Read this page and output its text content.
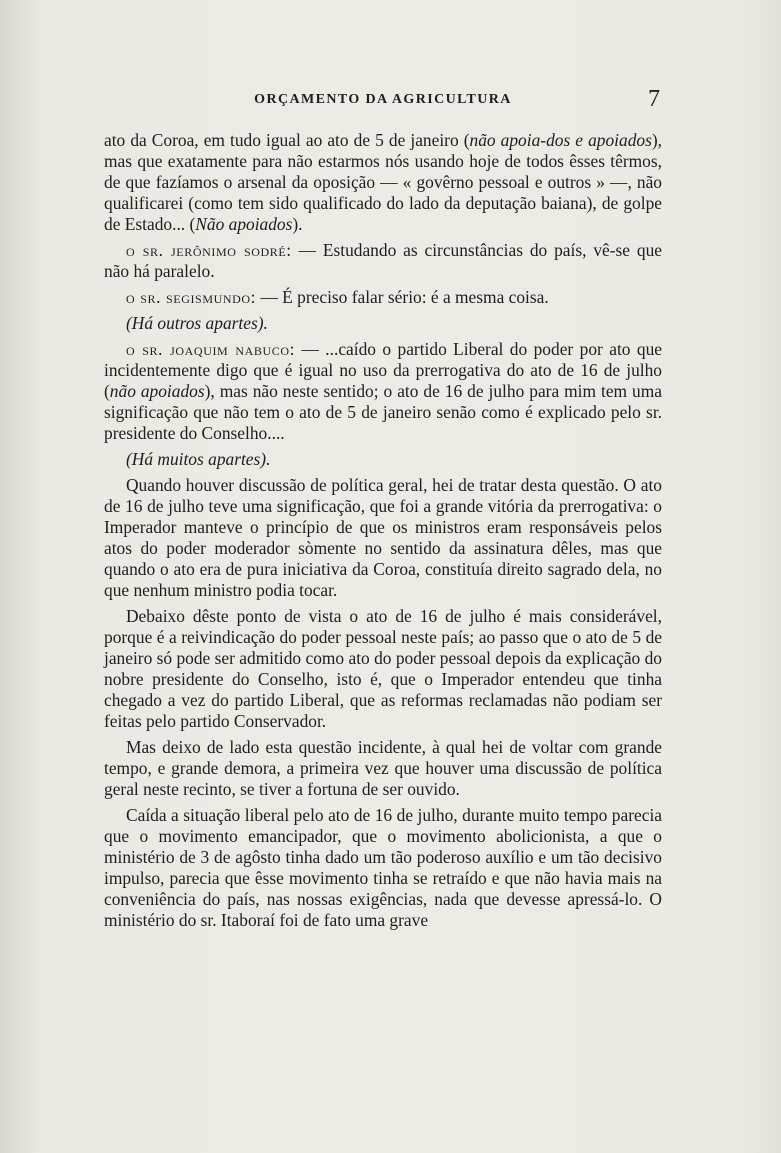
ORÇAMENTO DA AGRICULTURA	7

ato da Coroa, em tudo igual ao ato de 5 de janeiro (não apoia-dos e apoiados), mas que exatamente para não estarmos nós usando hoje de todos êsses têrmos, de que fazíamos o arsenal da oposição — « govêrno pessoal e outros » —, não qualificarei (como tem sido qualificado do lado da deputação baiana), de golpe de Estado... (Não apoiados).

o sr. jerônimo sodré: — Estudando as circunstâncias do país, vê-se que não há paralelo.

o sr. segismundo: — É preciso falar sério: é a mesma coisa.

(Há outros apartes).

o sr. joaquim nabuco: — ...caído o partido Liberal do poder por ato que incidentemente digo que é igual no uso da prerrogativa do ato de 16 de julho (não apoiados), mas não neste sentido; o ato de 16 de julho para mim tem uma significação que não tem o ato de 5 de janeiro senão como é explicado pelo sr. presidente do Conselho....

(Há muitos apartes).

Quando houver discussão de política geral, hei de tratar desta questão. O ato de 16 de julho teve uma significação, que foi a grande vitória da prerrogativa: o Imperador manteve o princípio de que os ministros eram responsáveis pelos atos do poder moderador sòmente no sentido da assinatura dêles, mas que quando o ato era de pura iniciativa da Coroa, constituía direito sagrado dela, no que nenhum ministro podia tocar.

Debaixo dêste ponto de vista o ato de 16 de julho é mais considerável, porque é a reivindicação do poder pessoal neste país; ao passo que o ato de 5 de janeiro só pode ser admitido como ato do poder pessoal depois da explicação do nobre presidente do Conselho, isto é, que o Imperador entendeu que tinha chegado a vez do partido Liberal, que as reformas reclamadas não podiam ser feitas pelo partido Conservador.

Mas deixo de lado esta questão incidente, à qual hei de voltar com grande tempo, e grande demora, a primeira vez que houver uma discussão de política geral neste recinto, se tiver a fortuna de ser ouvido.

Caída a situação liberal pelo ato de 16 de julho, durante muito tempo parecia que o movimento emancipador, que o movimento abolicionista, a que o ministério de 3 de agôsto tinha dado um tão poderoso auxílio e um tão decisivo impulso, parecia que êsse movimento tinha se retraído e que não havia mais na conveniência do país, nas nossas exigências, nada que devesse apressá-lo. O ministério do sr. Itaboraí foi de fato uma grave
